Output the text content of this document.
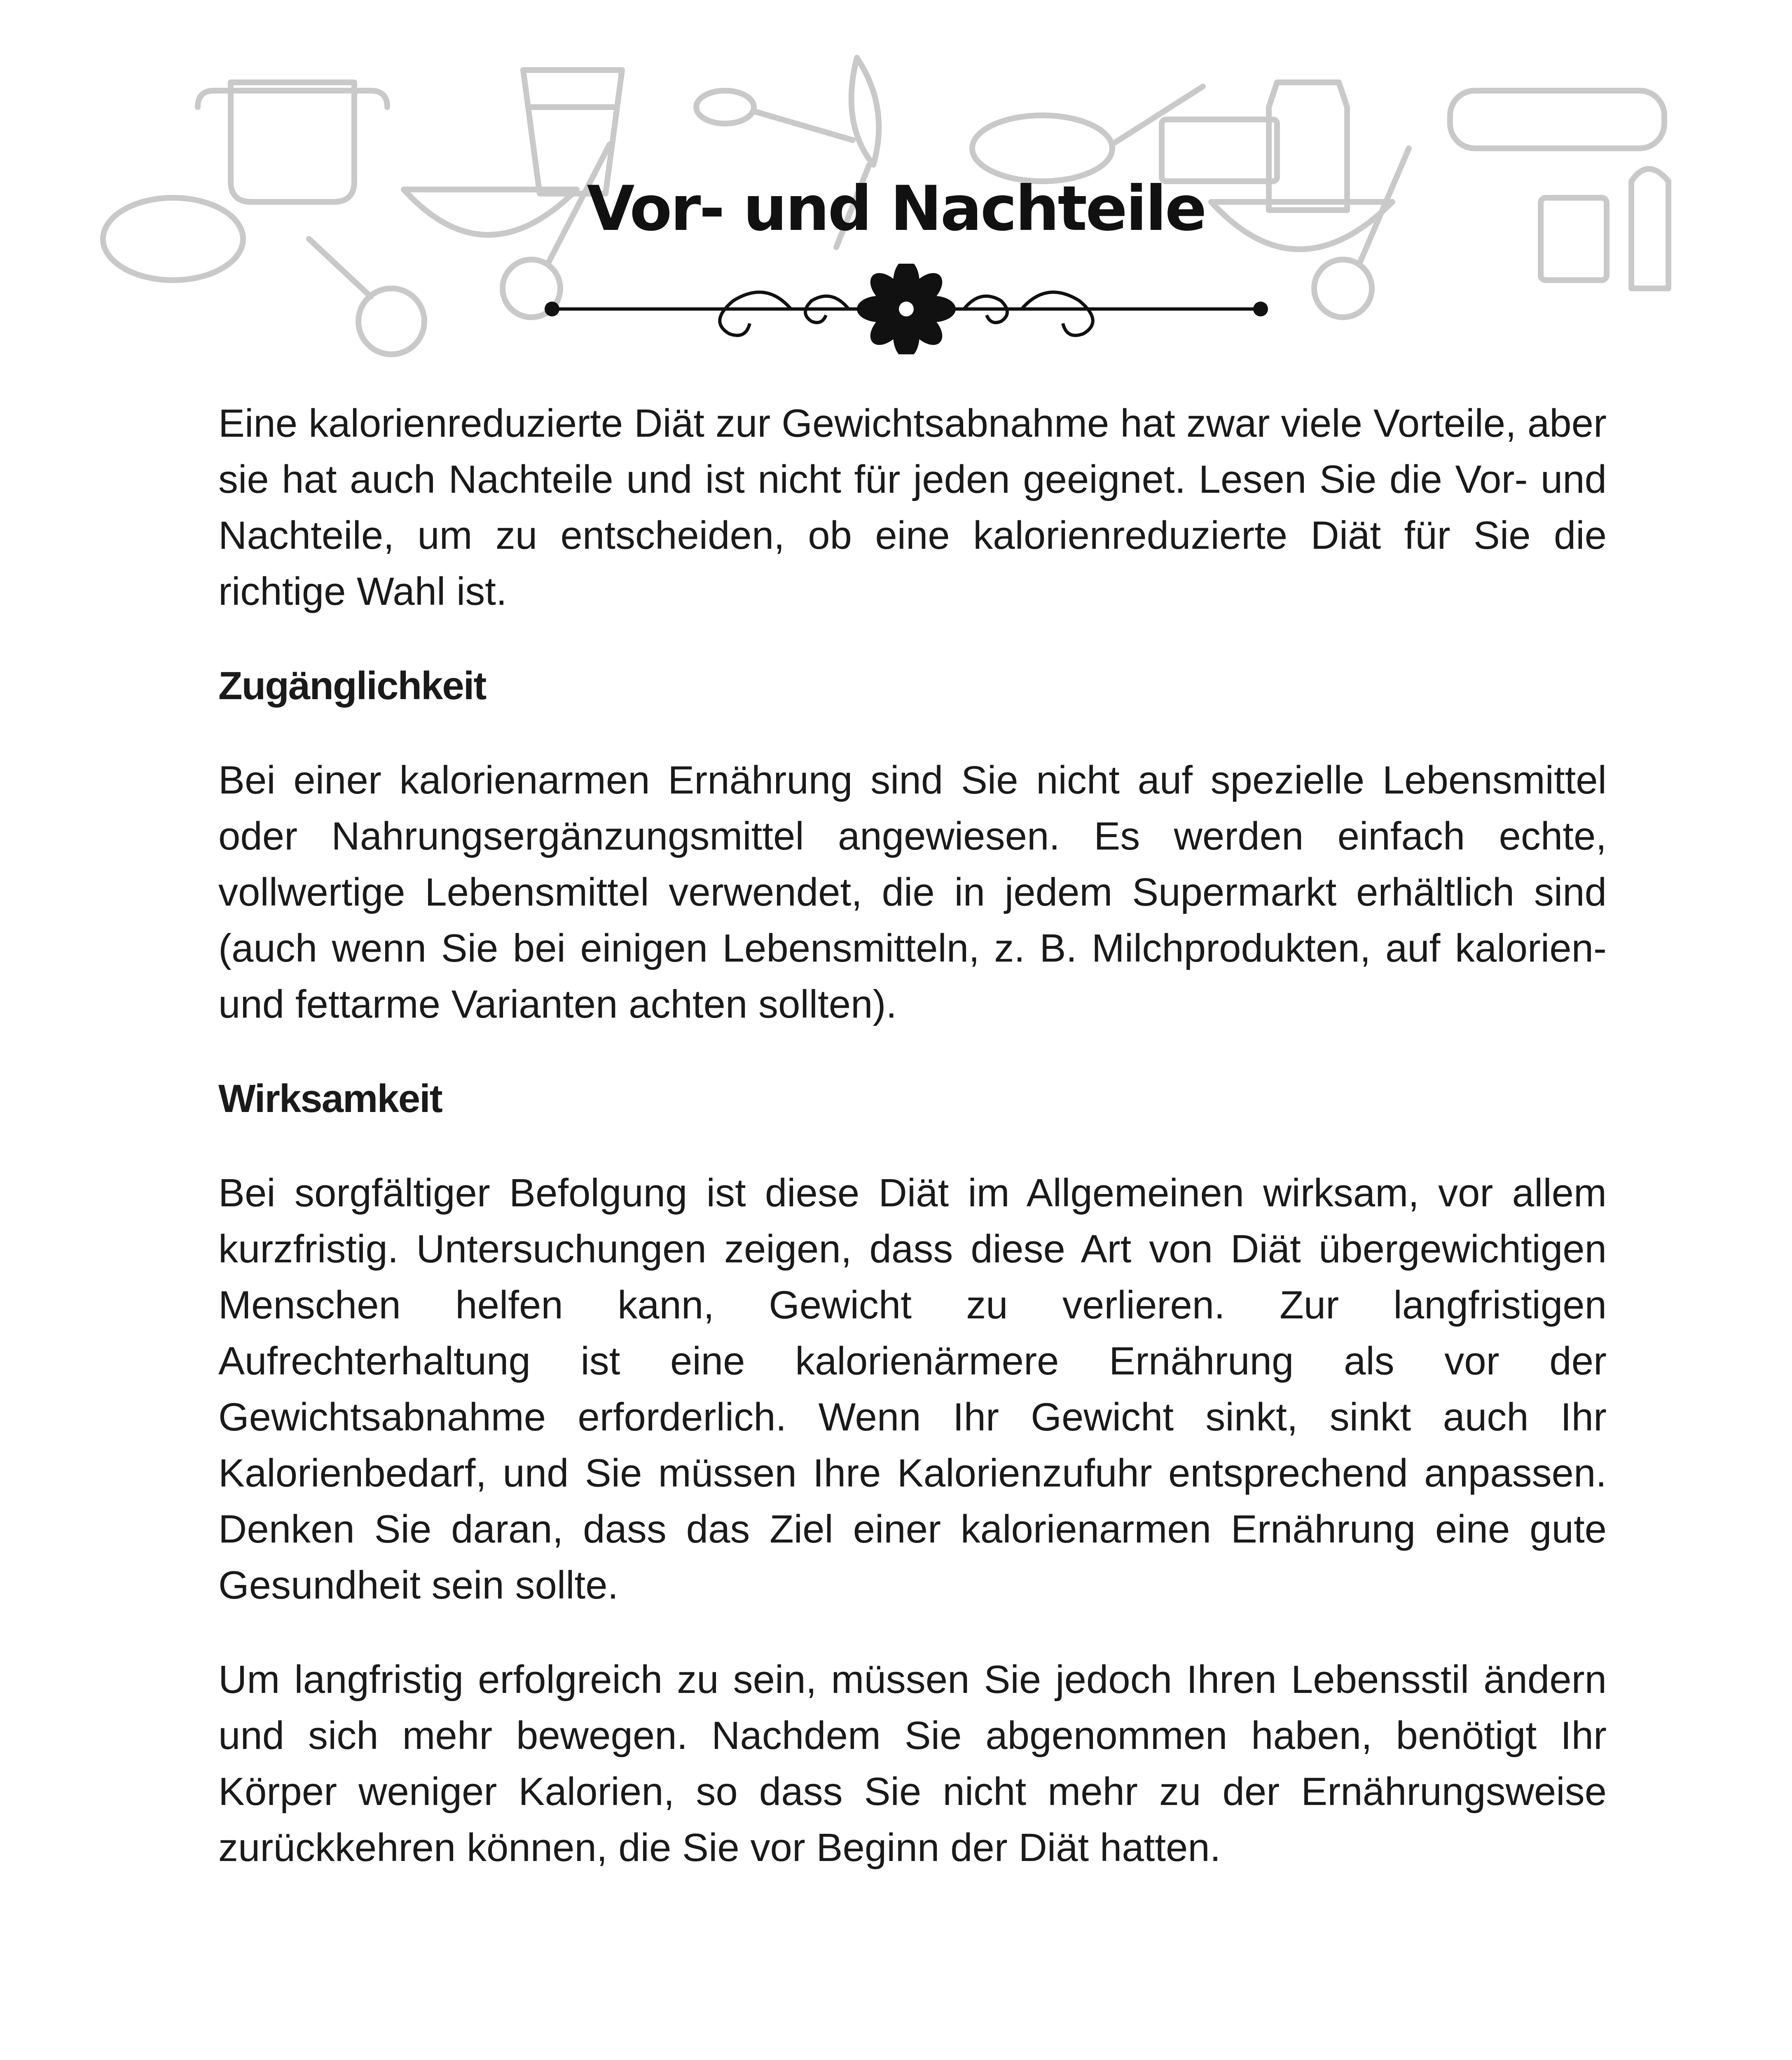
Vor- und Nachteile

Eine kalorienreduzierte Diät zur Gewichtsabnahme hat zwar viele Vorteile, aber sie hat auch Nachteile und ist nicht für jeden geeignet. Lesen Sie die Vor- und Nachteile, um zu entscheiden, ob eine kalorienreduzierte Diät für Sie die richtige Wahl ist.

Zugänglichkeit

Bei einer kalorienarmen Ernährung sind Sie nicht auf spezielle Lebensmittel oder Nahrungsergänzungsmittel angewiesen. Es werden einfach echte, vollwertige Lebensmittel verwendet, die in jedem Supermarkt erhältlich sind (auch wenn Sie bei einigen Lebensmitteln, z. B. Milchprodukten, auf kalorien- und fettarme Varianten achten sollten).

Wirksamkeit

Bei sorgfältiger Befolgung ist diese Diät im Allgemeinen wirksam, vor allem kurzfristig. Untersuchungen zeigen, dass diese Art von Diät übergewichtigen Menschen helfen kann, Gewicht zu verlieren. Zur langfristigen Aufrechterhaltung ist eine kalorienärmere Ernährung als vor der Gewichtsabnahme erforderlich. Wenn Ihr Gewicht sinkt, sinkt auch Ihr Kalorienbedarf, und Sie müssen Ihre Kalorienzufuhr entsprechend anpassen. Denken Sie daran, dass das Ziel einer kalorienarmen Ernährung eine gute Gesundheit sein sollte.

Um langfristig erfolgreich zu sein, müssen Sie jedoch Ihren Lebensstil ändern und sich mehr bewegen. Nachdem Sie abgenommen haben, benötigt Ihr Körper weniger Kalorien, so dass Sie nicht mehr zu der Ernährungsweise zurückkehren können, die Sie vor Beginn der Diät hatten.
